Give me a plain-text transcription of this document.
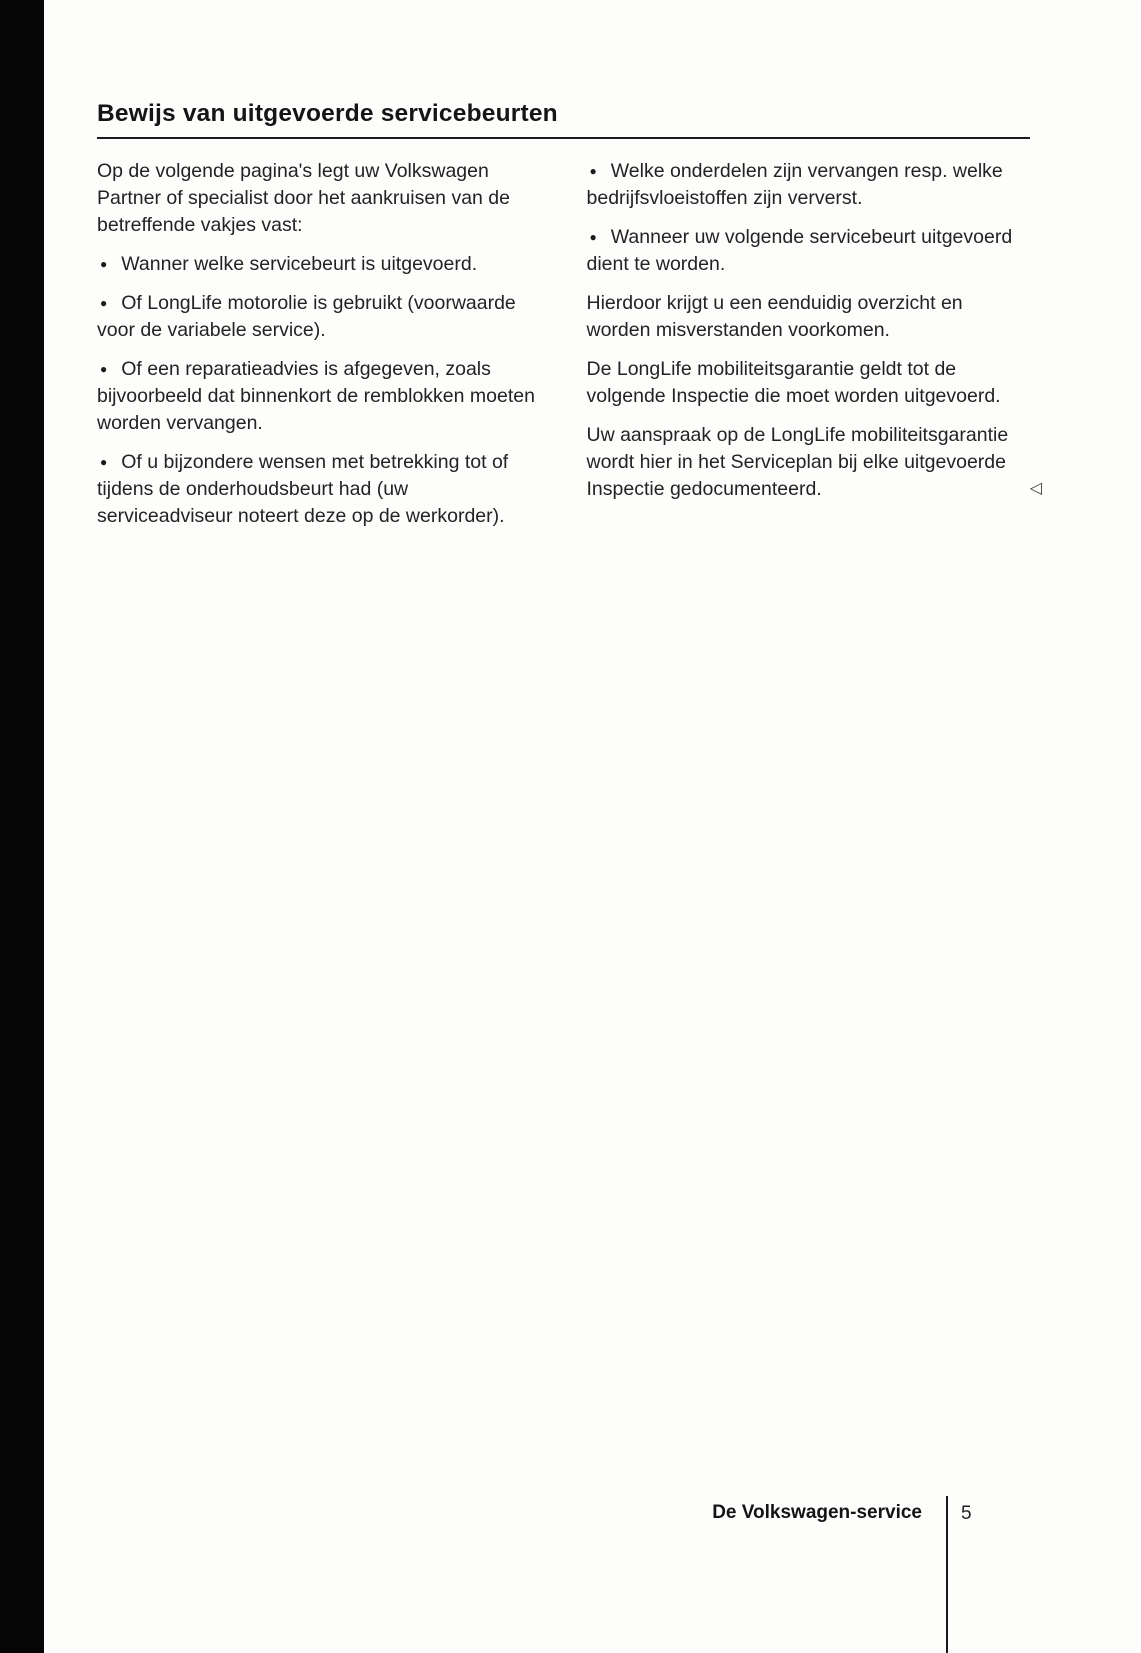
Bewijs van uitgevoerde servicebeurten

Op de volgende pagina's legt uw Volkswagen Partner of specialist door het aankruisen van de betreffende vakjes vast:

● Wanner welke servicebeurt is uitgevoerd.

● Of LongLife motorolie is gebruikt (voorwaarde voor de variabele service).

● Of een reparatieadvies is afgegeven, zoals bijvoorbeeld dat binnenkort de remblokken moeten worden vervangen.

● Of u bijzondere wensen met betrekking tot of tijdens de onderhoudsbeurt had (uw serviceadviseur noteert deze op de werkorder).

● Welke onderdelen zijn vervangen resp. welke bedrijfsvloeistoffen zijn ververst.

● Wanneer uw volgende servicebeurt uitgevoerd dient te worden.

Hierdoor krijgt u een eenduidig overzicht en worden misverstanden voorkomen.

De LongLife mobiliteitsgarantie geldt tot de volgende Inspectie die moet worden uitgevoerd.

Uw aanspraak op de LongLife mobiliteitsgarantie wordt hier in het Serviceplan bij elke uitgevoerde Inspectie gedocumenteerd.	◁

De Volkswagen-service 5
